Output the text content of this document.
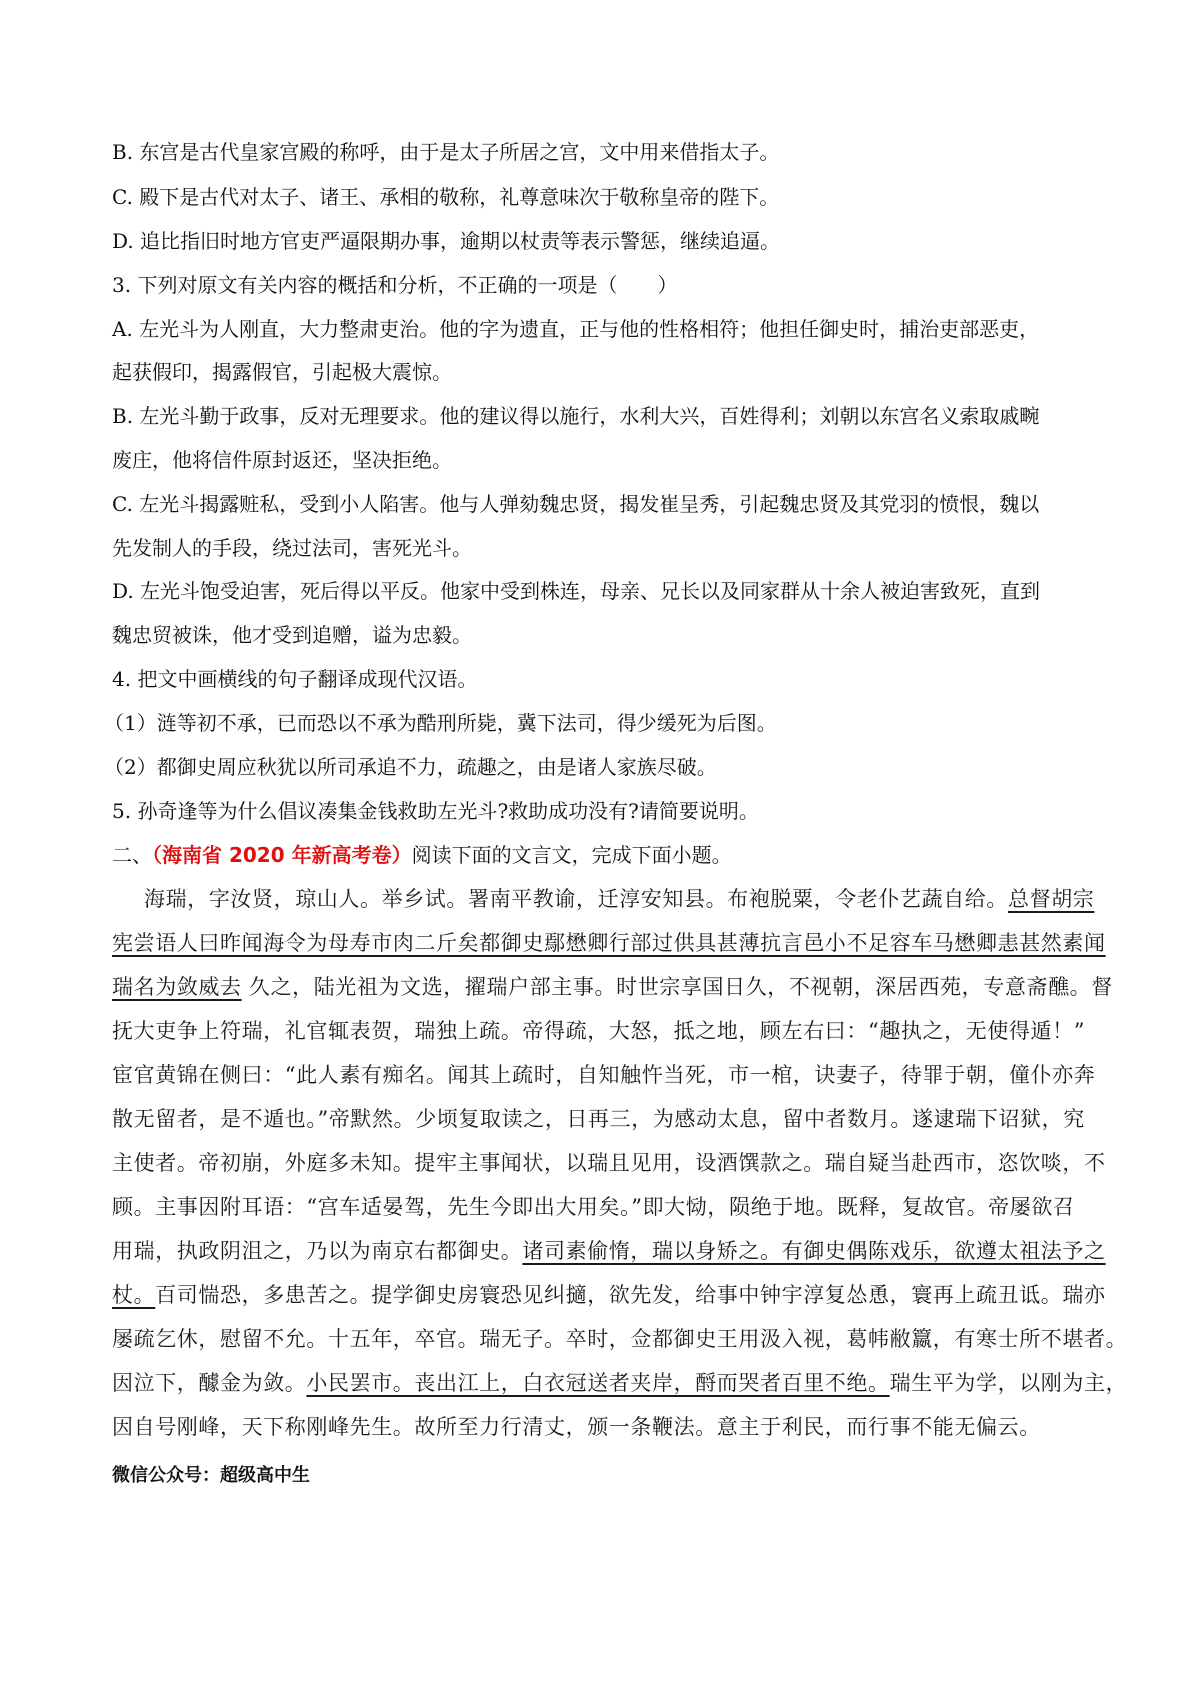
B. 东宫是古代皇家宫殿的称呼，由于是太子所居之宫，文中用来借指太子。
C. 殿下是古代对太子、诸王、承相的敬称，礼尊意味次于敬称皇帝的陛下。
D. 追比指旧时地方官吏严逼限期办事，逾期以杖责等表示警惩，继续追逼。
3. 下列对原文有关内容的概括和分析，不正确的一项是（　　）
A. 左光斗为人刚直，大力整肃吏治。他的字为遗直，正与他的性格相符；他担任御史时，捕治吏部恶吏，
起获假印，揭露假官，引起极大震惊。
B. 左光斗勤于政事，反对无理要求。他的建议得以施行，水利大兴，百姓得利；刘朝以东宫名义索取戚畹
废庄，他将信件原封返还，坚决拒绝。
C. 左光斗揭露赃私，受到小人陷害。他与人弹劾魏忠贤，揭发崔呈秀，引起魏忠贤及其党羽的愤恨，魏以
先发制人的手段，绕过法司，害死光斗。
D. 左光斗饱受迫害，死后得以平反。他家中受到株连，母亲、兄长以及同家群从十余人被迫害致死，直到
魏忠贸被诛，他才受到追赠，谥为忠毅。
4. 把文中画横线的句子翻译成现代汉语。
（1）涟等初不承，已而恐以不承为酷刑所毙，冀下法司，得少缓死为后图。
（2）都御史周应秋犹以所司承追不力，疏趣之，由是诸人家族尽破。
5. 孙奇逢等为什么倡议凑集金钱救助左光斗?救助成功没有?请简要说明。
二、（海南省 2020 年新高考卷）阅读下面的文言文，完成下面小题。
海瑞，字汝贤，琼山人。举乡试。署南平教谕，迁淳安知县。布袍脱粟，令老仆艺蔬自给。总督胡宗
宪尝语人曰昨闻海令为母寿市肉二斤矣都御史鄢懋卿行部过供具甚薄抗言邑小不足容车马懋卿恚甚然素闻
瑞名为敛威去 久之，陆光祖为文选，擢瑞户部主事。时世宗享国日久，不视朝，深居西苑，专意斋醮。督
抚大吏争上符瑞，礼官辄表贺，瑞独上疏。帝得疏，大怒，抵之地，顾左右曰：“趣执之，无使得遁！”
宦官黄锦在侧曰：“此人素有痴名。闻其上疏时，自知触忤当死，市一棺，诀妻子，待罪于朝，僮仆亦奔
散无留者，是不遁也。”帝默然。少顷复取读之，日再三，为感动太息，留中者数月。遂逮瑞下诏狱，究
主使者。帝初崩，外庭多未知。提牢主事闻状，以瑞且见用，设酒馔款之。瑞自疑当赴西市，恣饮啖，不
顾。主事因附耳语：“宫车适晏驾，先生今即出大用矣。”即大恸，陨绝于地。既释，复故官。帝屡欲召
用瑞，执政阴沮之，乃以为南京右都御史。诸司素偷惰，瑞以身矫之。有御史偶陈戏乐，欲遵太祖法予之
杖。百司惴恐，多患苦之。提学御史房寰恐见纠擿，欲先发，给事中钟宇淳复怂恿，寰再上疏丑诋。瑞亦
屡疏乞休，慰留不允。十五年，卒官。瑞无子。卒时，佥都御史王用汲入视，葛帏敝籝，有寒士所不堪者。
因泣下，醵金为敛。小民罢市。丧出江上，白衣冠送者夹岸，酹而哭者百里不绝。瑞生平为学，以刚为主，
因自号刚峰，天下称刚峰先生。故所至力行清丈，颁一条鞭法。意主于利民，而行事不能无偏云。
微信公众号：超级高中生
